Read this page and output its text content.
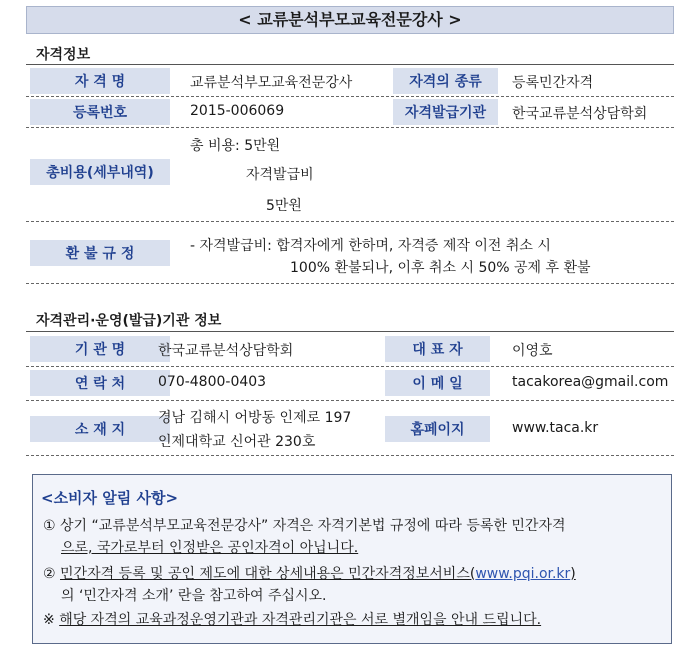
< 교류분석부모교육전문강사 >
자격정보
자 격 명	교류분석부모교육전문강사	자격의 종류	등록민간자격
등록번호	2015-006069	자격발급기관	한국교류분석상담학회
총비용(세부내역)
총 비용: 5만원
자격발급비
5만원
환 불 규 정	- 자격발급비: 합격자에게 한하며, 자격증 제작 이전 취소 시
100% 환불되나, 이후 취소 시 50% 공제 후 환불
자격관리·운영(발급)기관 정보
기 관 명	한국교류분석상담학회	대 표 자	이영호
연 락 처	070-4800-0403	이 메 일	tacakorea@gmail.com
소 재 지
경남 김해시 어방동 인제로 197
인제대학교 신어관 230호
홈페이지	www.taca.kr
<소비자 알림 사항>
① 상기 “교류분석부모교육전문강사” 자격은 자격기본법 규정에 따라 등록한 민간자격
으로, 국가로부터 인정받은 공인자격이 아닙니다.
② 민간자격 등록 및 공인 제도에 대한 상세내용은 민간자격정보서비스(www.pqi.or.kr)
의 ‘민간자격 소개’ 란을 참고하여 주십시오.
※ 해당 자격의 교육과정운영기관과 자격관리기관은 서로 별개임을 안내 드립니다.
